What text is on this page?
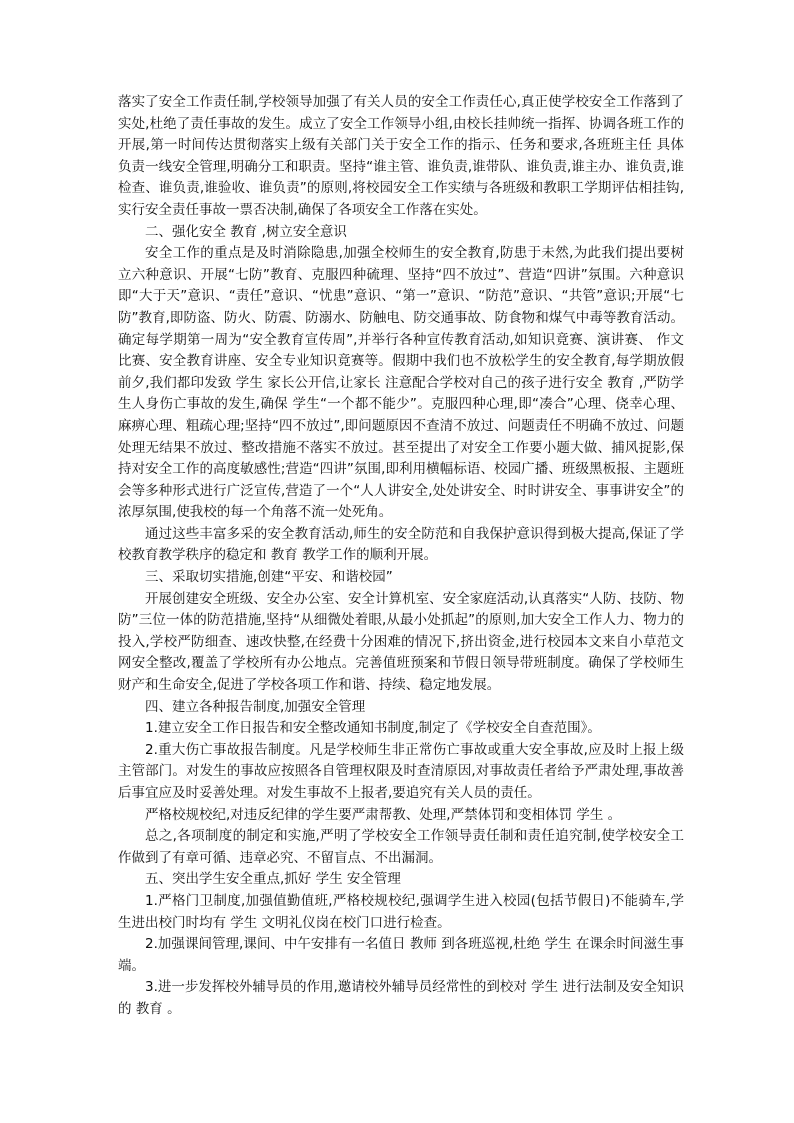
落实了安全工作责任制,学校领导加强了有关人员的安全工作责任心,真正使学校安全工作落到了实处,杜绝了责任事故的发生。成立了安全工作领导小组,由校长挂帅统一指挥、协调各班工作的开展,第一时间传达贯彻落实上级有关部门关于安全工作的指示、任务和要求,各班班主任 具体负责一线安全管理,明确分工和职责。坚持“谁主管、谁负责,谁带队、谁负责,谁主办、谁负责,谁检查、谁负责,谁验收、谁负责”的原则,将校园安全工作实绩与各班级和教职工学期评估相挂钩,实行安全责任事故一票否决制,确保了各项安全工作落在实处。

二、强化安全 教育 ,树立安全意识

安全工作的重点是及时消除隐患,加强全校师生的安全教育,防患于未然,为此我们提出要树立六种意识、开展“七防”教育、克服四种硫理、坚持“四不放过”、营造“四讲”氛围。六种意识即“大于天”意识、“责任”意识、“忧患”意识、“第一”意识、“防范”意识、“共管”意识;开展“七防”教育,即防盗、防火、防震、防溺水、防触电、防交通事故、防食物和煤气中毒等教育活动。确定每学期第一周为“安全教育宣传周”,并举行各种宣传教育活动,如知识竟赛、演讲赛、 作文 比赛、安全教育讲座、安全专业知识竟赛等。假期中我们也不放松学生的安全教育,每学期放假前夕,我们都印发致 学生 家长公开信,让家长 注意配合学校对自己的孩子进行安全 教育 ,严防学生人身伤亡事故的发生,确保 学生“一个都不能少”。克服四种心理,即“凑合”心理、侥幸心理、麻痹心理、粗疏心理;坚持“四不放过”,即问题原因不查清不放过、问题责任不明确不放过、问题处理无结果不放过、整改措施不落实不放过。甚至提出了对安全工作要小题大做、捕风捉影,保持对安全工作的高度敏感性;营造“四讲”氛围,即利用横幅标语、校园广播、班级黑板报、主题班会等多种形式进行广泛宣传,营造了一个“人人讲安全,处处讲安全、时时讲安全、事事讲安全”的浓厚氛围,使我校的每一个角落不流一处死角。

通过这些丰富多采的安全教育活动,师生的安全防范和自我保护意识得到极大提高,保证了学校教育教学秩序的稳定和 教育 教学工作的顺利开展。

三、采取切实措施,创建“平安、和谐校园”

开展创建安全班级、安全办公室、安全计算机室、安全家庭活动,认真落实“人防、技防、物防”三位一体的防范措施,坚持“从细微处着眼,从最小处抓起”的原则,加大安全工作人力、物力的投入,学校严防细查、速改快整,在经费十分困难的情况下,挤出资金,进行校园本文来自小草范文网安全整改,覆盖了学校所有办公地点。完善值班预案和节假日领导带班制度。确保了学校师生财产和生命安全,促进了学校各项工作和谐、持续、稳定地发展。

四、建立各种报告制度,加强安全管理

1.建立安全工作日报告和安全整改通知书制度,制定了《学校安全自查范围》。

2.重大伤亡事故报告制度。凡是学校师生非正常伤亡事故或重大安全事故,应及时上报上级主管部门。对发生的事故应按照各自管理权限及时查清原因,对事故责任者给予严肃处理,事故善后事宜应及时妥善处理。对发生事故不上报者,要追究有关人员的责任。

严格校规校纪,对违反纪律的学生要严肃帮教、处理,严禁体罚和变相体罚 学生 。

总之,各项制度的制定和实施,严明了学校安全工作领导责任制和责任追究制,使学校安全工作做到了有章可循、违章必究、不留盲点、不出漏洞。

五、突出学生安全重点,抓好 学生 安全管理

1.严格门卫制度,加强值勤值班,严格校规校纪,强调学生进入校园(包括节假日)不能骑车,学生进出校门时均有 学生 文明礼仪岗在校门口进行检查。

2.加强课间管理,课间、中午安排有一名值日 教师 到各班巡视,杜绝 学生 在课余时间滋生事端。

3.进一步发挥校外辅导员的作用,邀请校外辅导员经常性的到校对 学生 进行法制及安全知识的 教育 。
